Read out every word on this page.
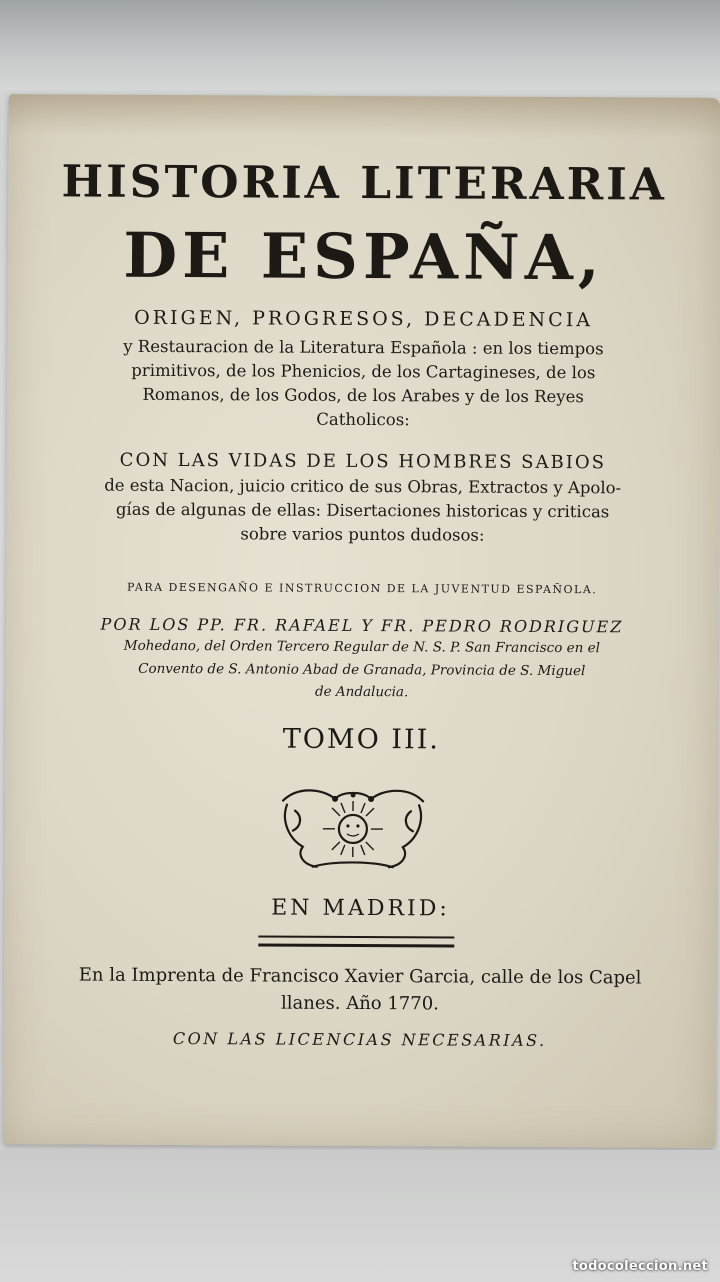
HISTORIA LITERARIA
DE ESPAÑA,
ORIGEN, PROGRESOS, DECADENCIA
y Restauracion de la Literatura Española : en los tiempos
primitivos, de los Phenicios, de los Cartagineses, de los
Romanos, de los Godos, de los Arabes y de los Reyes
Catholicos:
CON LAS VIDAS DE LOS HOMBRES SABIOS
de esta Nacion, juicio critico de sus Obras, Extractos y Apolo-
gías de algunas de ellas: Disertaciones historicas y criticas
sobre varios puntos dudosos:
PARA DESENGAÑO E INSTRUCCION DE LA JUVENTUD ESPAÑOLA.
POR LOS PP. FR. RAFAEL Y FR. PEDRO RODRIGUEZ
Mohedano, del Orden Tercero Regular de N. S. P. San Francisco en el
Convento de S. Antonio Abad de Granada, Provincia de S. Miguel
de Andalucia.
TOMO III.
EN MADRID:
En la Imprenta de Francisco Xavier Garcia, calle de los Capel
llanes. Año 1770.
CON LAS LICENCIAS NECESARIAS.
todocoleccion.net
